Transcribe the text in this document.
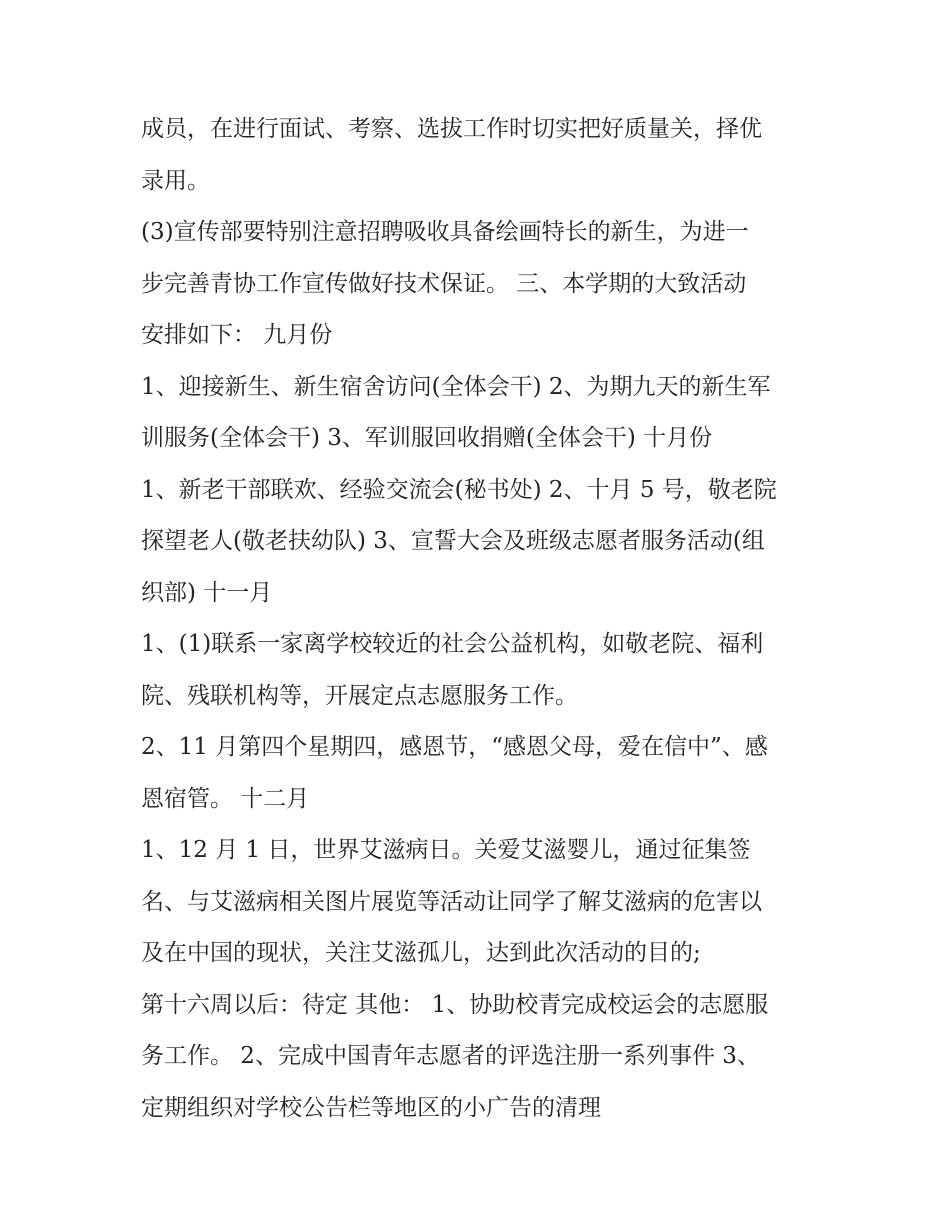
成员，在进行面试、考察、选拔工作时切实把好质量关，择优
录用。
(3)宣传部要特别注意招聘吸收具备绘画特长的新生，为进一
步完善青协工作宣传做好技术保证。 三、本学期的大致活动
安排如下： 九月份
1、迎接新生、新生宿舍访问(全体会干) 2、为期九天的新生军
训服务(全体会干) 3、军训服回收捐赠(全体会干) 十月份
1、新老干部联欢、经验交流会(秘书处) 2、十月 5 号，敬老院
探望老人(敬老扶幼队) 3、宣誓大会及班级志愿者服务活动(组
织部) 十一月
1、(1)联系一家离学校较近的社会公益机构，如敬老院、福利
院、残联机构等，开展定点志愿服务工作。
2、11 月第四个星期四，感恩节，“感恩父母，爱在信中”、感
恩宿管。 十二月
1、12 月 1 日，世界艾滋病日。关爱艾滋婴儿，通过征集签
名、与艾滋病相关图片展览等活动让同学了解艾滋病的危害以
及在中国的现状，关注艾滋孤儿，达到此次活动的目的;
第十六周以后：待定 其他： 1、协助校青完成校运会的志愿服
务工作。 2、完成中国青年志愿者的评选注册一系列事件 3、
定期组织对学校公告栏等地区的小广告的清理
